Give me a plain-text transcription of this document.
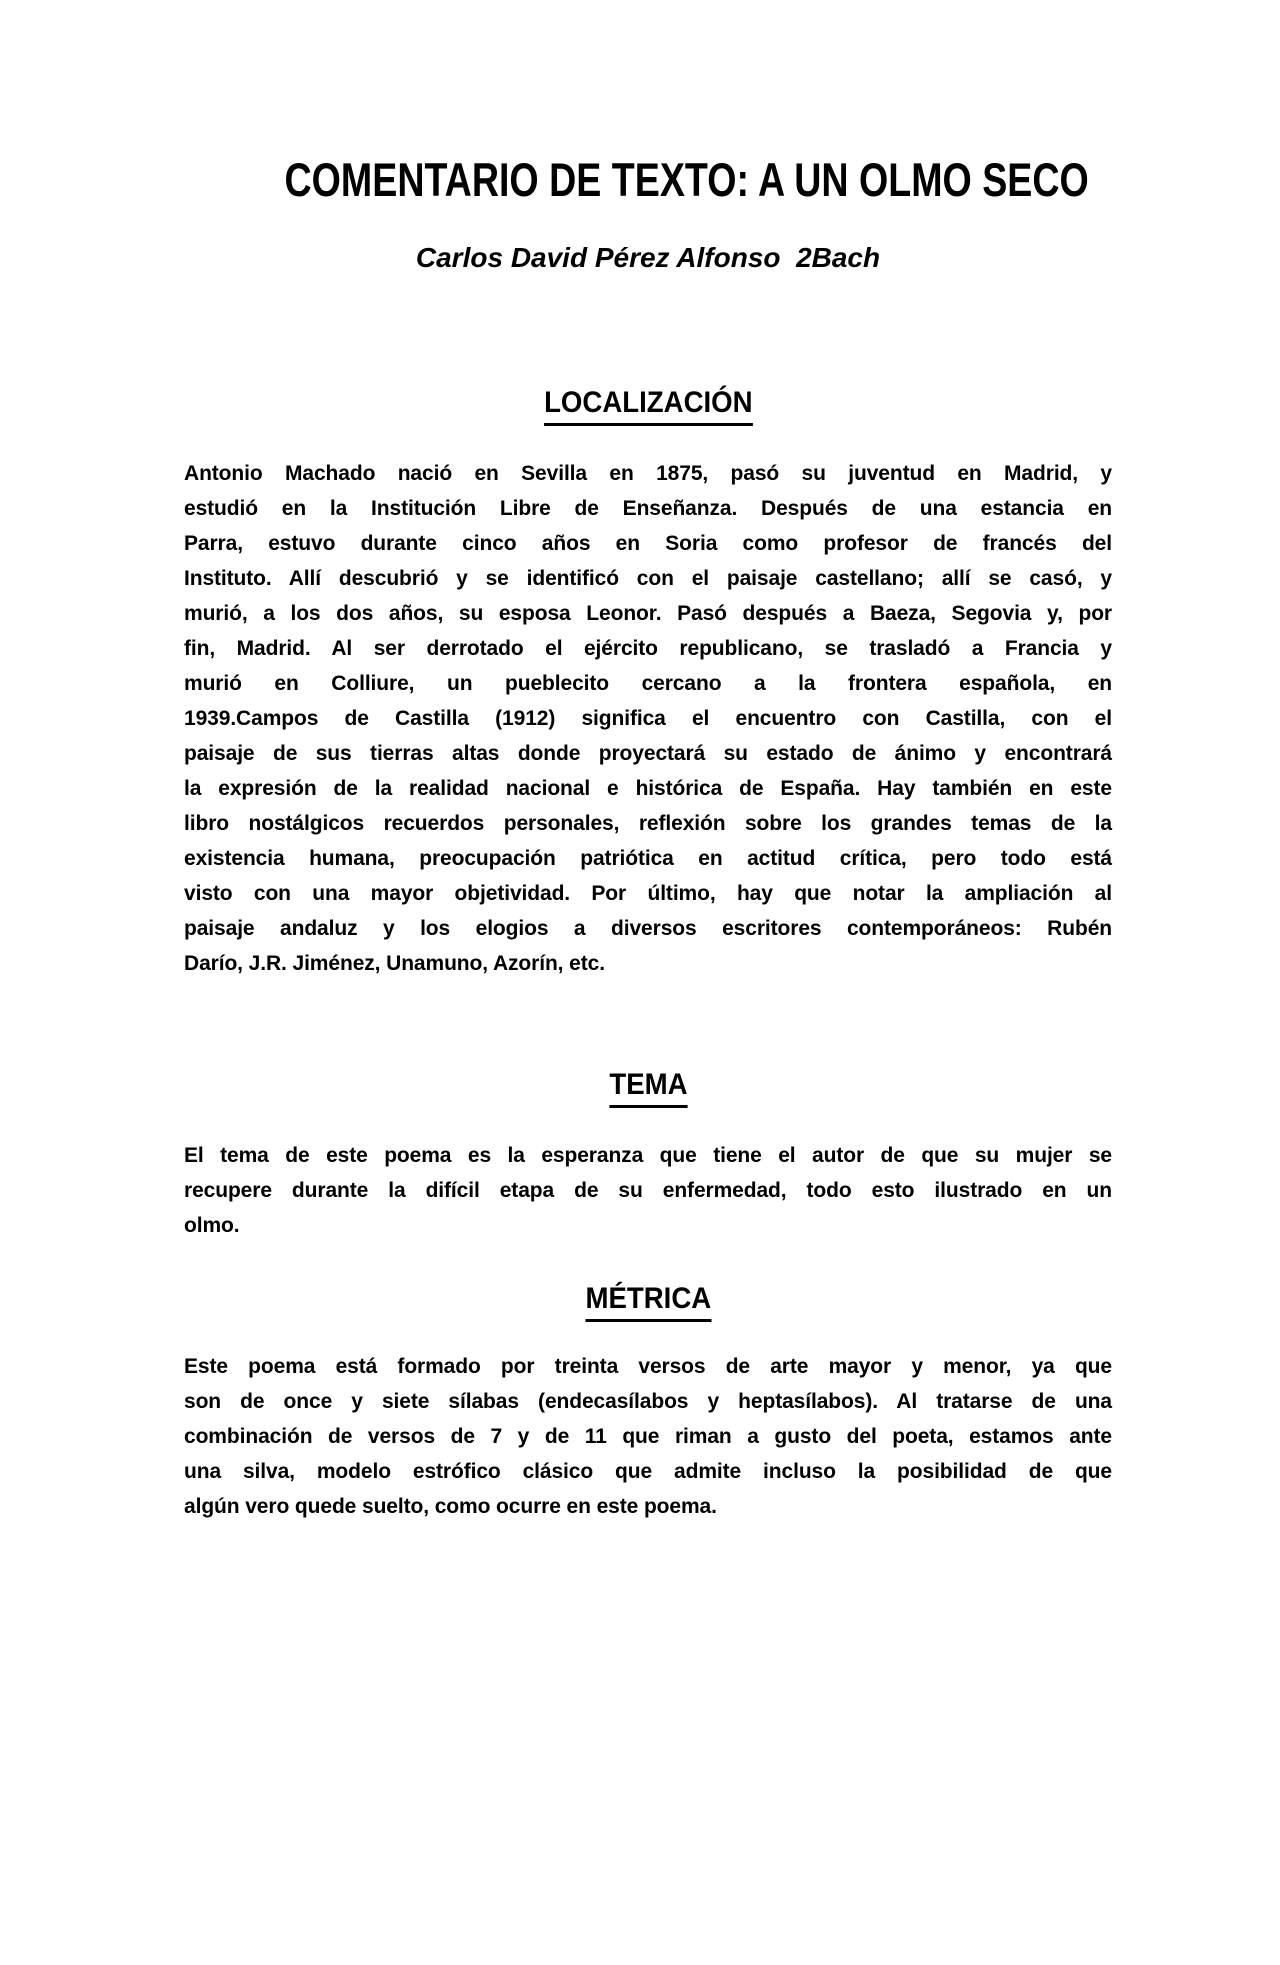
COMENTARIO DE TEXTO: A UN OLMO SECO
Carlos David Pérez Alfonso  2Bach
LOCALIZACIÓN
Antonio Machado nació en Sevilla en 1875, pasó su juventud en Madrid, y
estudió en la Institución Libre de Enseñanza. Después de una estancia en
Parra, estuvo durante cinco años en Soria como profesor de francés del
Instituto. Allí descubrió y se identificó con el paisaje castellano; allí se casó, y
murió, a los dos años, su esposa Leonor. Pasó después a Baeza, Segovia y, por
fin, Madrid. Al ser derrotado el ejército republicano, se trasladó a Francia y
murió en Colliure, un pueblecito cercano a la frontera española, en
1939.Campos de Castilla (1912) significa el encuentro con Castilla, con el
paisaje de sus tierras altas donde proyectará su estado de ánimo y encontrará
la expresión de la realidad nacional e histórica de España. Hay también en este
libro nostálgicos recuerdos personales, reflexión sobre los grandes temas de la
existencia humana, preocupación patriótica en actitud crítica, pero todo está
visto con una mayor objetividad. Por último, hay que notar la ampliación al
paisaje andaluz y los elogios a diversos escritores contemporáneos: Rubén
Darío, J.R. Jiménez, Unamuno, Azorín, etc.
TEMA
El tema de este poema es la esperanza que tiene el autor de que su mujer se
recupere durante la difícil etapa de su enfermedad, todo esto ilustrado en un
olmo.
MÉTRICA
Este poema está formado por treinta versos de arte mayor y menor, ya que
son de once y siete sílabas (endecasílabos y heptasílabos). Al tratarse de una
combinación de versos de 7 y de 11 que riman a gusto del poeta, estamos ante
una silva, modelo estrófico clásico que admite incluso la posibilidad de que
algún vero quede suelto, como ocurre en este poema.
